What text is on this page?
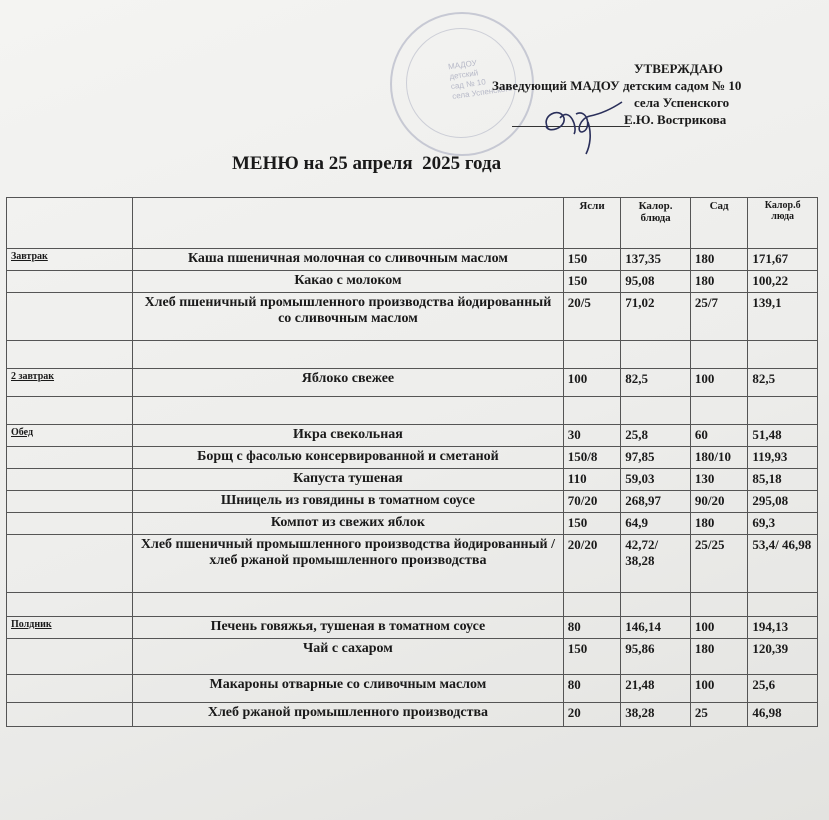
МАДОУ
детский
сад № 10
села Успенского
УТВЕРЖДАЮ
Заведующий МАДОУ детским садом № 10
села Успенского
Е.Ю. Вострикова
МЕНЮ на 25 апреля  2025 года
		Ясли	Калор. блюда	Сад	Калор.б люда
Завтрак	Каша пшеничная молочная со сливочным маслом	150	137,35	180	171,67
	Какао с молоком	150	95,08	180	100,22
	Хлеб пшеничный промышленного производства йодированный со сливочным маслом	20/5	71,02	25/7	139,1

2 завтрак	Яблоко свежее	100	82,5	100	82,5

Обед	Икра свекольная	30	25,8	60	51,48
	Борщ с фасолью консервированной и сметаной	150/8	97,85	180/10	119,93
	Капуста тушеная	110	59,03	130	85,18
	Шницель из говядины в томатном соусе	70/20	268,97	90/20	295,08
	Компот из свежих яблок	150	64,9	180	69,3
	Хлеб пшеничный промышленного производства йодированный /хлеб ржаной промышленного производства	20/20	42,72/ 38,28	25/25	53,4/ 46,98

Полдник	Печень говяжья, тушеная в томатном соусе	80	146,14	100	194,13
	Чай с сахаром	150	95,86	180	120,39
	Макароны отварные со сливочным маслом	80	21,48	100	25,6
	Хлеб ржаной промышленного производства	20	38,28	25	46,98
